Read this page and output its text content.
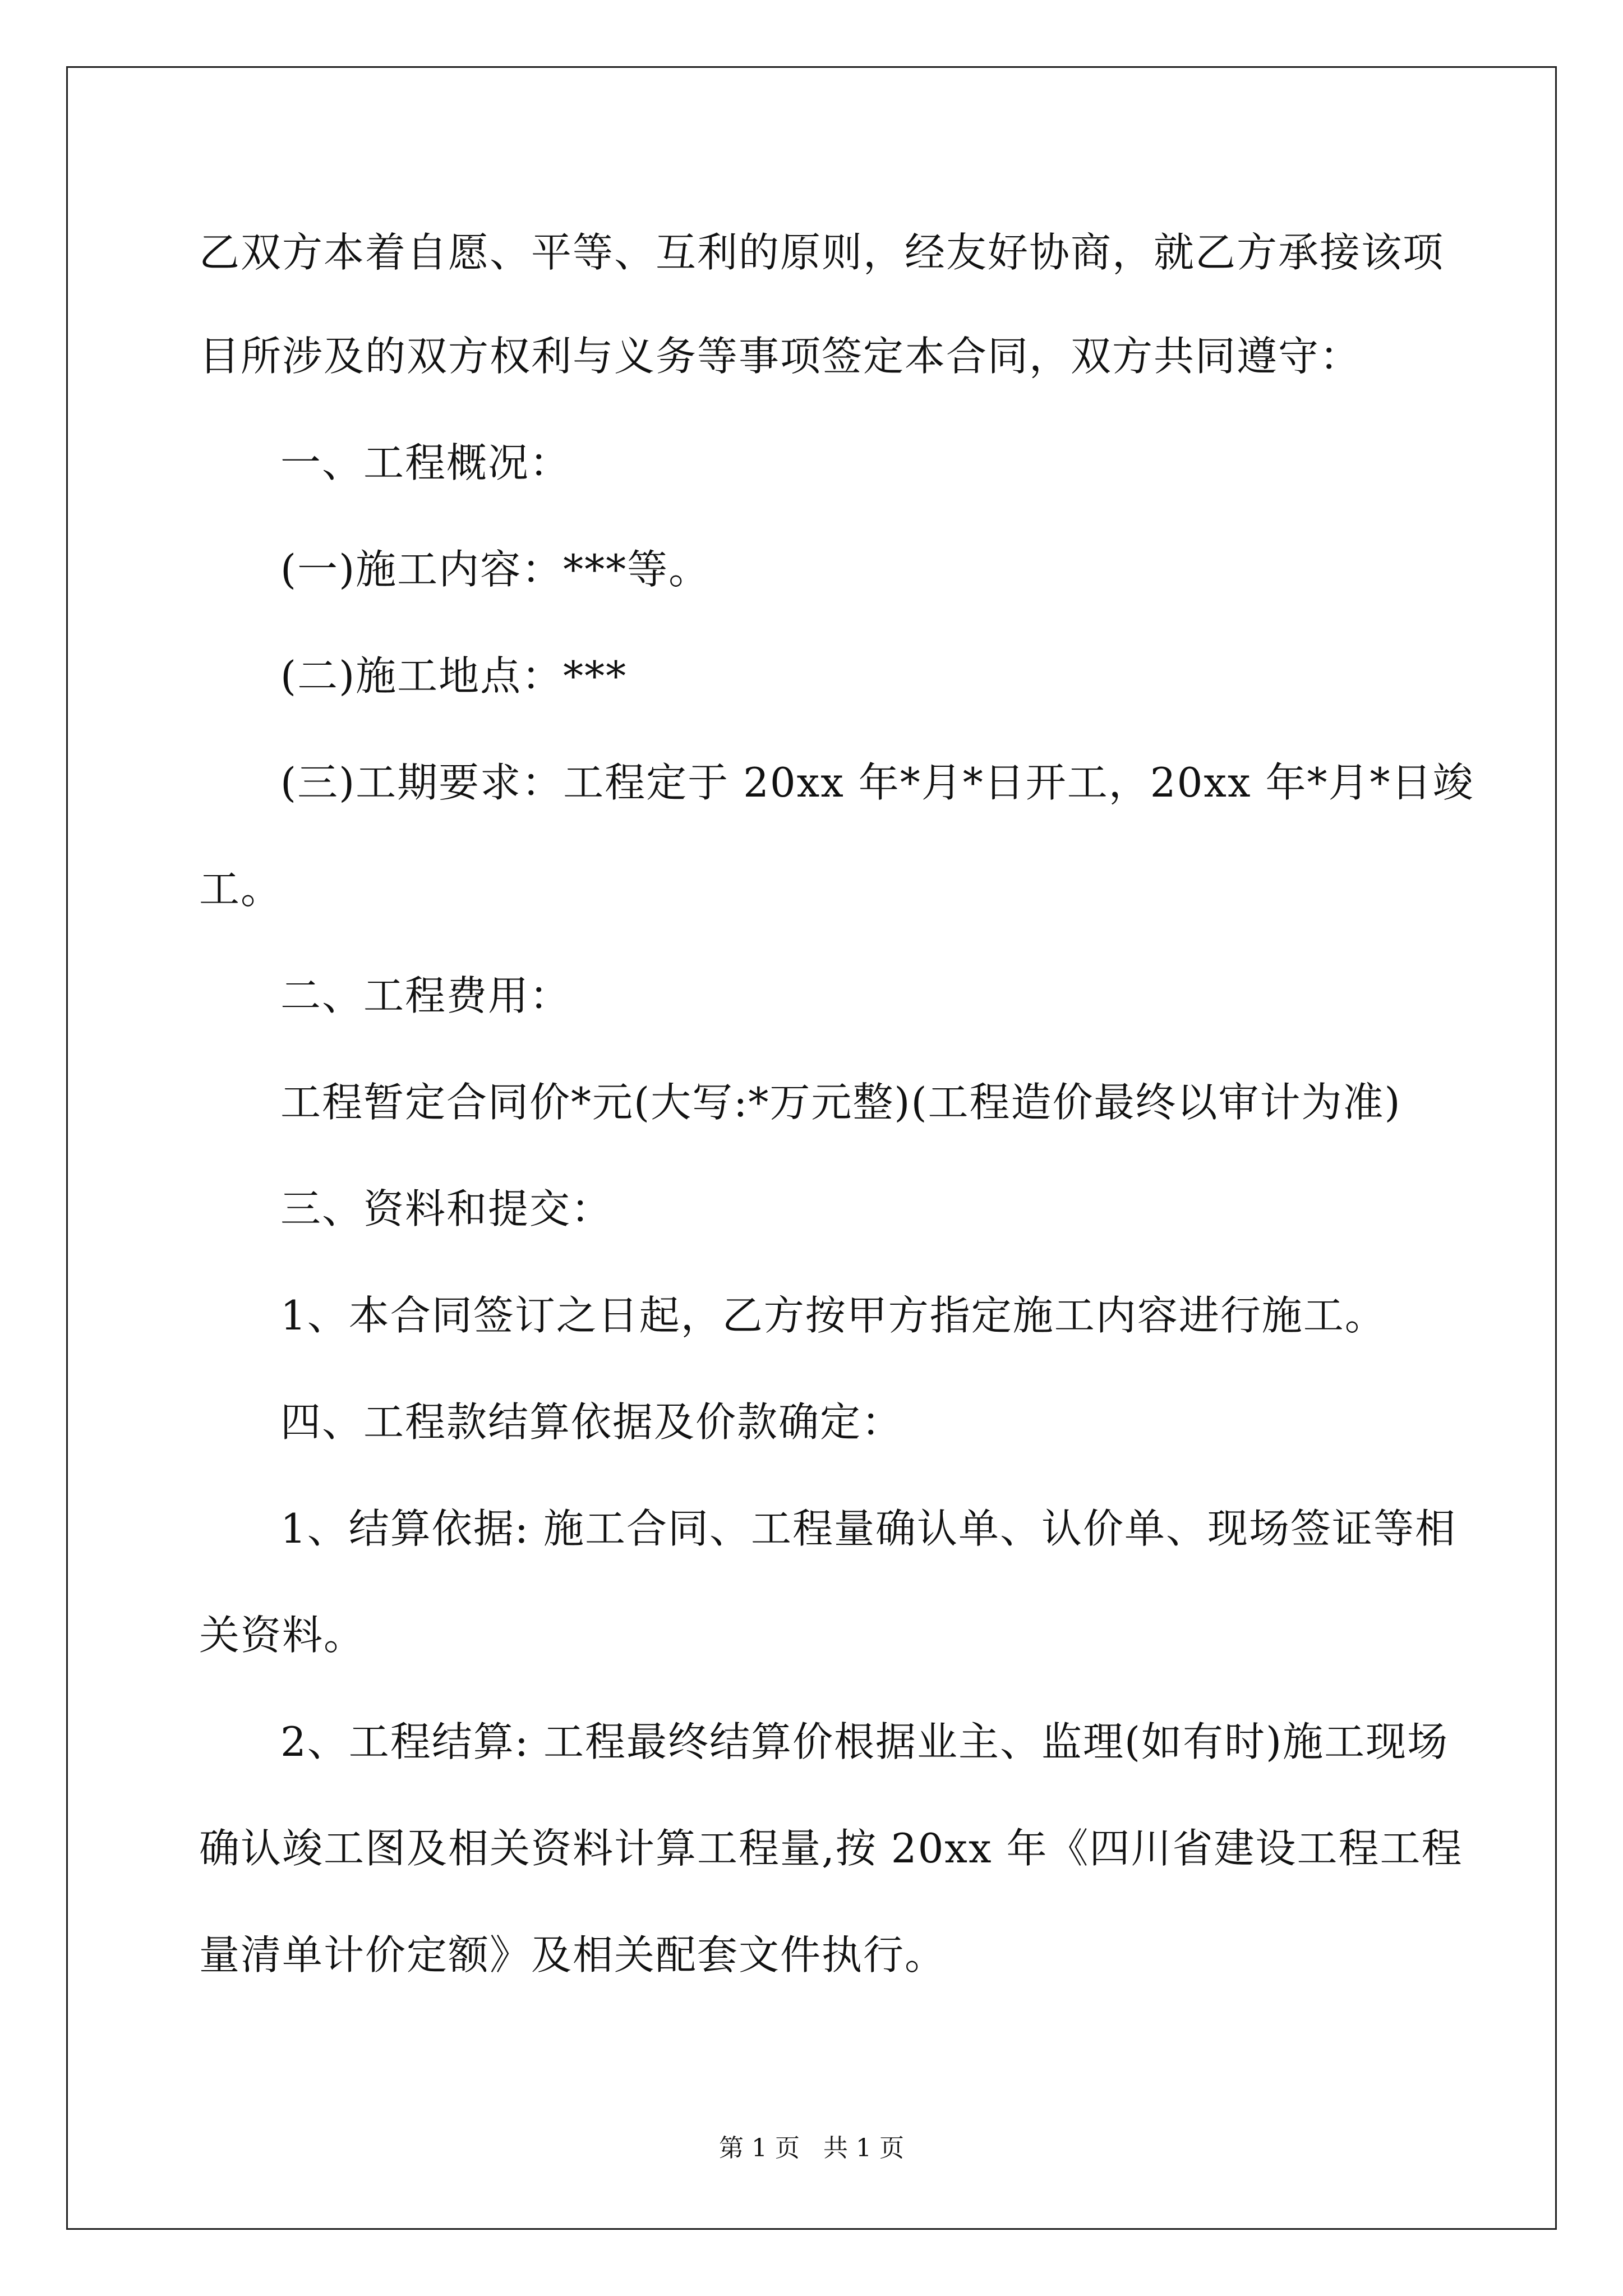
乙双方本着自愿、平等、互利的原则，经友好协商，就乙方承接该项
目所涉及的双方权利与义务等事项签定本合同，双方共同遵守：
一、工程概况：
(一)施工内容：***等。
(二)施工地点：***
(三)工期要求：工程定于 20xx 年*月*日开工，20xx 年*月*日竣
工。
二、工程费用：
工程暂定合同价*元(大写:*万元整)(工程造价最终以审计为准)
三、资料和提交：
1、本合同签订之日起，乙方按甲方指定施工内容进行施工。
四、工程款结算依据及价款确定：
1、结算依据: 施工合同、工程量确认单、认价单、现场签证等相
关资料。
2、工程结算: 工程最终结算价根据业主、监理(如有时)施工现场
确认竣工图及相关资料计算工程量,按 20xx 年《四川省建设工程工程
量清单计价定额》及相关配套文件执行。
第 1 页   共 1 页
